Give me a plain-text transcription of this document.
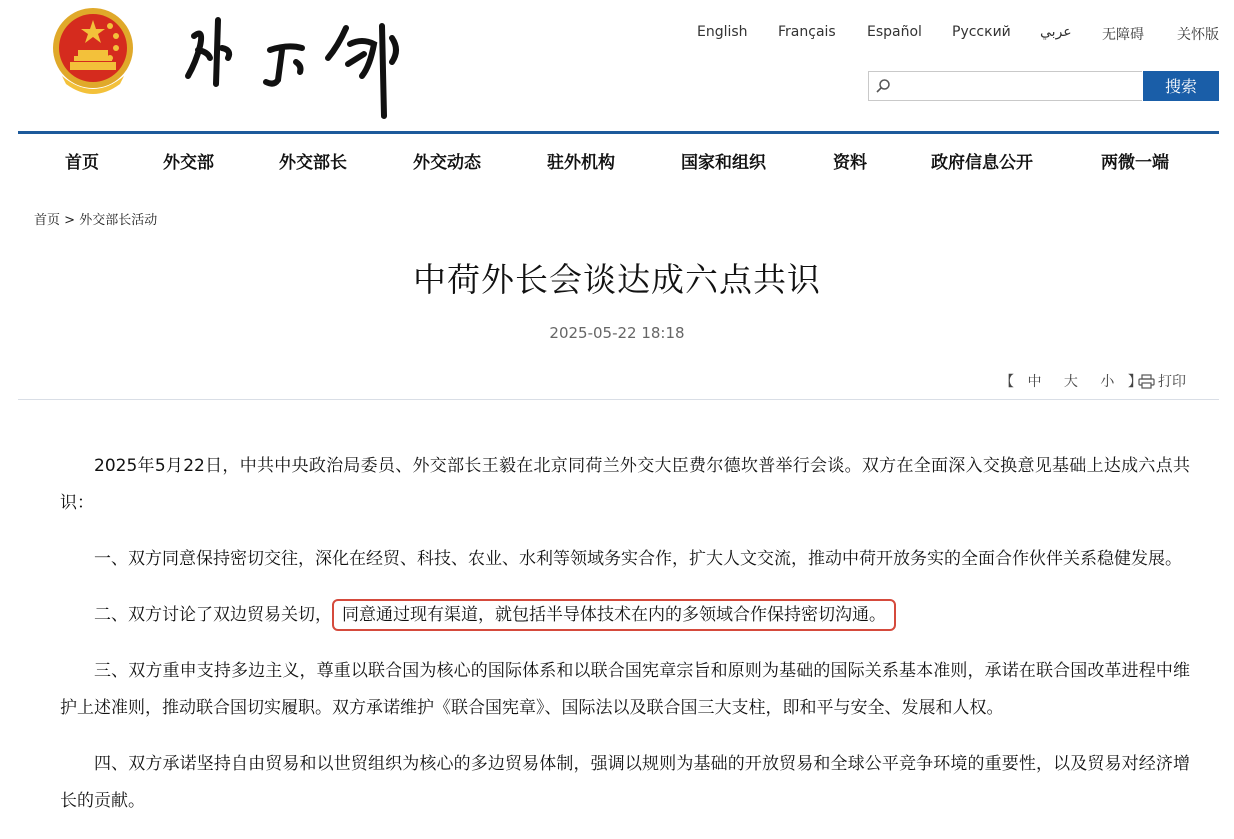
English Français Español Русский عربي 无障碍 关怀版
搜索
首页	外交部	外交部长	外交动态	驻外机构	国家和组织	资料	政府信息公开	两微一端
首页 > 外交部长活动
中荷外长会谈达成六点共识
2025-05-22 18:18
【 中 大 小 】	打印

2025年5月22日，中共中央政治局委员、外交部长王毅在北京同荷兰外交大臣费尔德坎普举行会谈。双方在全面深入交换意见基础上达成六点共识：

一、双方同意保持密切交往，深化在经贸、科技、农业、水利等领域务实合作，扩大人文交流，推动中荷开放务实的全面合作伙伴关系稳健发展。

二、双方讨论了双边贸易关切， 同意通过现有渠道，就包括半导体技术在内的多领域合作保持密切沟通。

三、双方重申支持多边主义，尊重以联合国为核心的国际体系和以联合国宪章宗旨和原则为基础的国际关系基本准则，承诺在联合国改革进程中维护上述准则，推动联合国切实履职。双方承诺维护《联合国宪章》、国际法以及联合国三大支柱，即和平与安全、发展和人权。

四、双方承诺坚持自由贸易和以世贸组织为核心的多边贸易体制，强调以规则为基础的开放贸易和全球公平竞争环境的重要性，以及贸易对经济增长的贡献。
